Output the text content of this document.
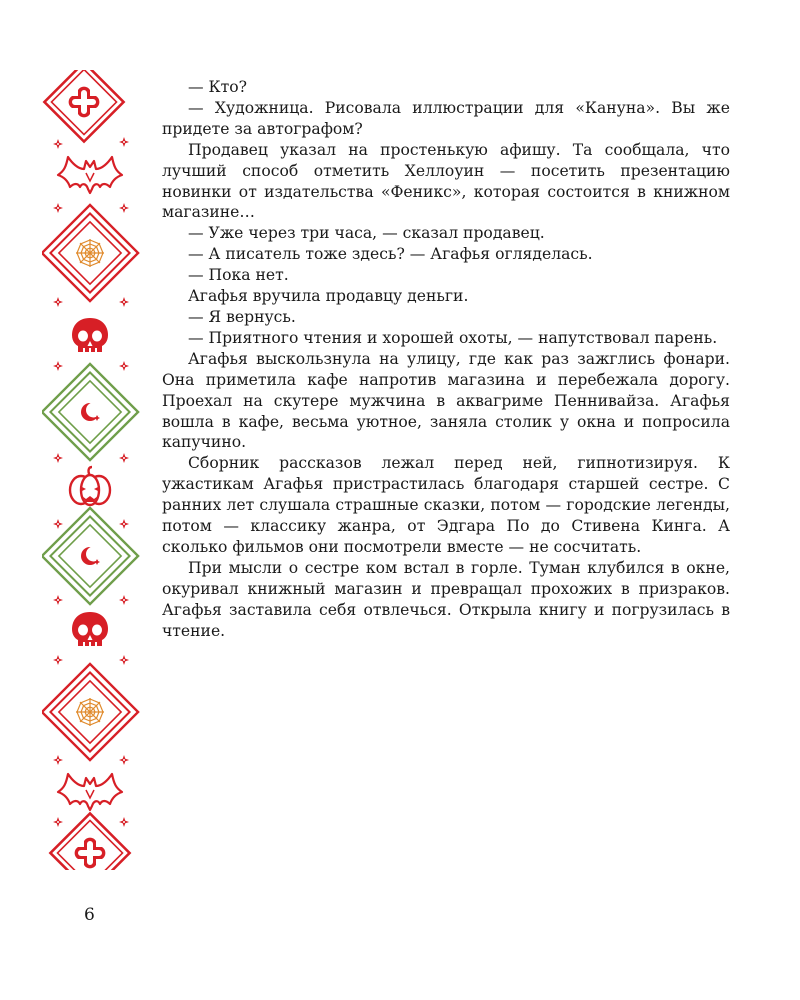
— Кто?

— Художница. Рисовала иллюстрации для «Кануна». Вы же придете за автографом?

Продавец указал на простенькую афишу. Та сообщала, что лучший способ отметить Хеллоуин — посетить презентацию новинки от издательства «Феникс», которая состоится в книжном магазине…

— Уже через три часа, — сказал продавец.

— А писатель тоже здесь? — Агафья огляделась.

— Пока нет.

Агафья вручила продавцу деньги.

— Я вернусь.

— Приятного чтения и хорошей охоты, — напутствовал парень.

Агафья выскользнула на улицу, где как раз зажглись фонари. Она приметила кафе напротив магазина и перебежала дорогу. Проехал на скутере мужчина в аквагриме Пеннивайза. Агафья вошла в кафе, весьма уютное, заняла столик у окна и попросила капучино.

Сборник рассказов лежал перед ней, гипнотизируя. К ужастикам Агафья пристрастилась благодаря старшей сестре. С ранних лет слушала страшные сказки, потом — городские легенды, потом — классику жанра, от Эдгара По до Стивена Кинга. А сколько фильмов они посмотрели вместе — не сосчитать.

При мысли о сестре ком встал в горле. Туман клубился в окне, окуривал книжный магазин и превращал прохожих в призраков. Агафья заставила себя отвлечься. Открыла книгу и погрузилась в чтение.

6
